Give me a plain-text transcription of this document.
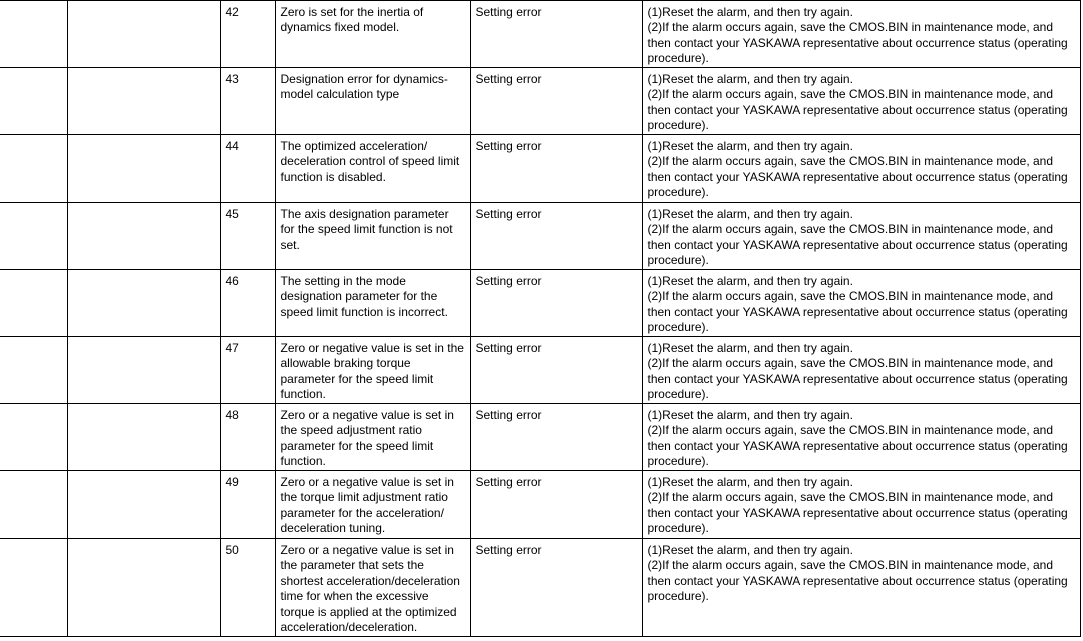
		42	Zero is set for the inertia of dynamics fixed model.	Setting error	(1)Reset the alarm, and then try again.
(2)If the alarm occurs again, save the CMOS.BIN in maintenance mode, and then contact your YASKAWA representative about occurrence status (operating procedure).

		43	Designation error for dynamics-model calculation type	Setting error	(1)Reset the alarm, and then try again.
(2)If the alarm occurs again, save the CMOS.BIN in maintenance mode, and then contact your YASKAWA representative about occurrence status (operating procedure).

		44	The optimized acceleration/ deceleration control of speed limit function is disabled.	Setting error	(1)Reset the alarm, and then try again.
(2)If the alarm occurs again, save the CMOS.BIN in maintenance mode, and then contact your YASKAWA representative about occurrence status (operating procedure).

		45	The axis designation parameter for the speed limit function is not set.	Setting error	(1)Reset the alarm, and then try again.
(2)If the alarm occurs again, save the CMOS.BIN in maintenance mode, and then contact your YASKAWA representative about occurrence status (operating procedure).

		46	The setting in the mode designation parameter for the speed limit function is incorrect.	Setting error	(1)Reset the alarm, and then try again.
(2)If the alarm occurs again, save the CMOS.BIN in maintenance mode, and then contact your YASKAWA representative about occurrence status (operating procedure).

		47	Zero or negative value is set in the allowable braking torque parameter for the speed limit function.	Setting error	(1)Reset the alarm, and then try again.
(2)If the alarm occurs again, save the CMOS.BIN in maintenance mode, and then contact your YASKAWA representative about occurrence status (operating procedure).

		48	Zero or a negative value is set in the speed adjustment ratio parameter for the speed limit function.	Setting error	(1)Reset the alarm, and then try again.
(2)If the alarm occurs again, save the CMOS.BIN in maintenance mode, and then contact your YASKAWA representative about occurrence status (operating procedure).

		49	Zero or a negative value is set in the torque limit adjustment ratio parameter for the acceleration/ deceleration tuning.	Setting error	(1)Reset the alarm, and then try again.
(2)If the alarm occurs again, save the CMOS.BIN in maintenance mode, and then contact your YASKAWA representative about occurrence status (operating procedure).

		50	Zero or a negative value is set in the parameter that sets the shortest acceleration/deceleration time for when the excessive torque is applied at the optimized acceleration/deceleration.	Setting error	(1)Reset the alarm, and then try again.
(2)If the alarm occurs again, save the CMOS.BIN in maintenance mode, and then contact your YASKAWA representative about occurrence status (operating procedure).
